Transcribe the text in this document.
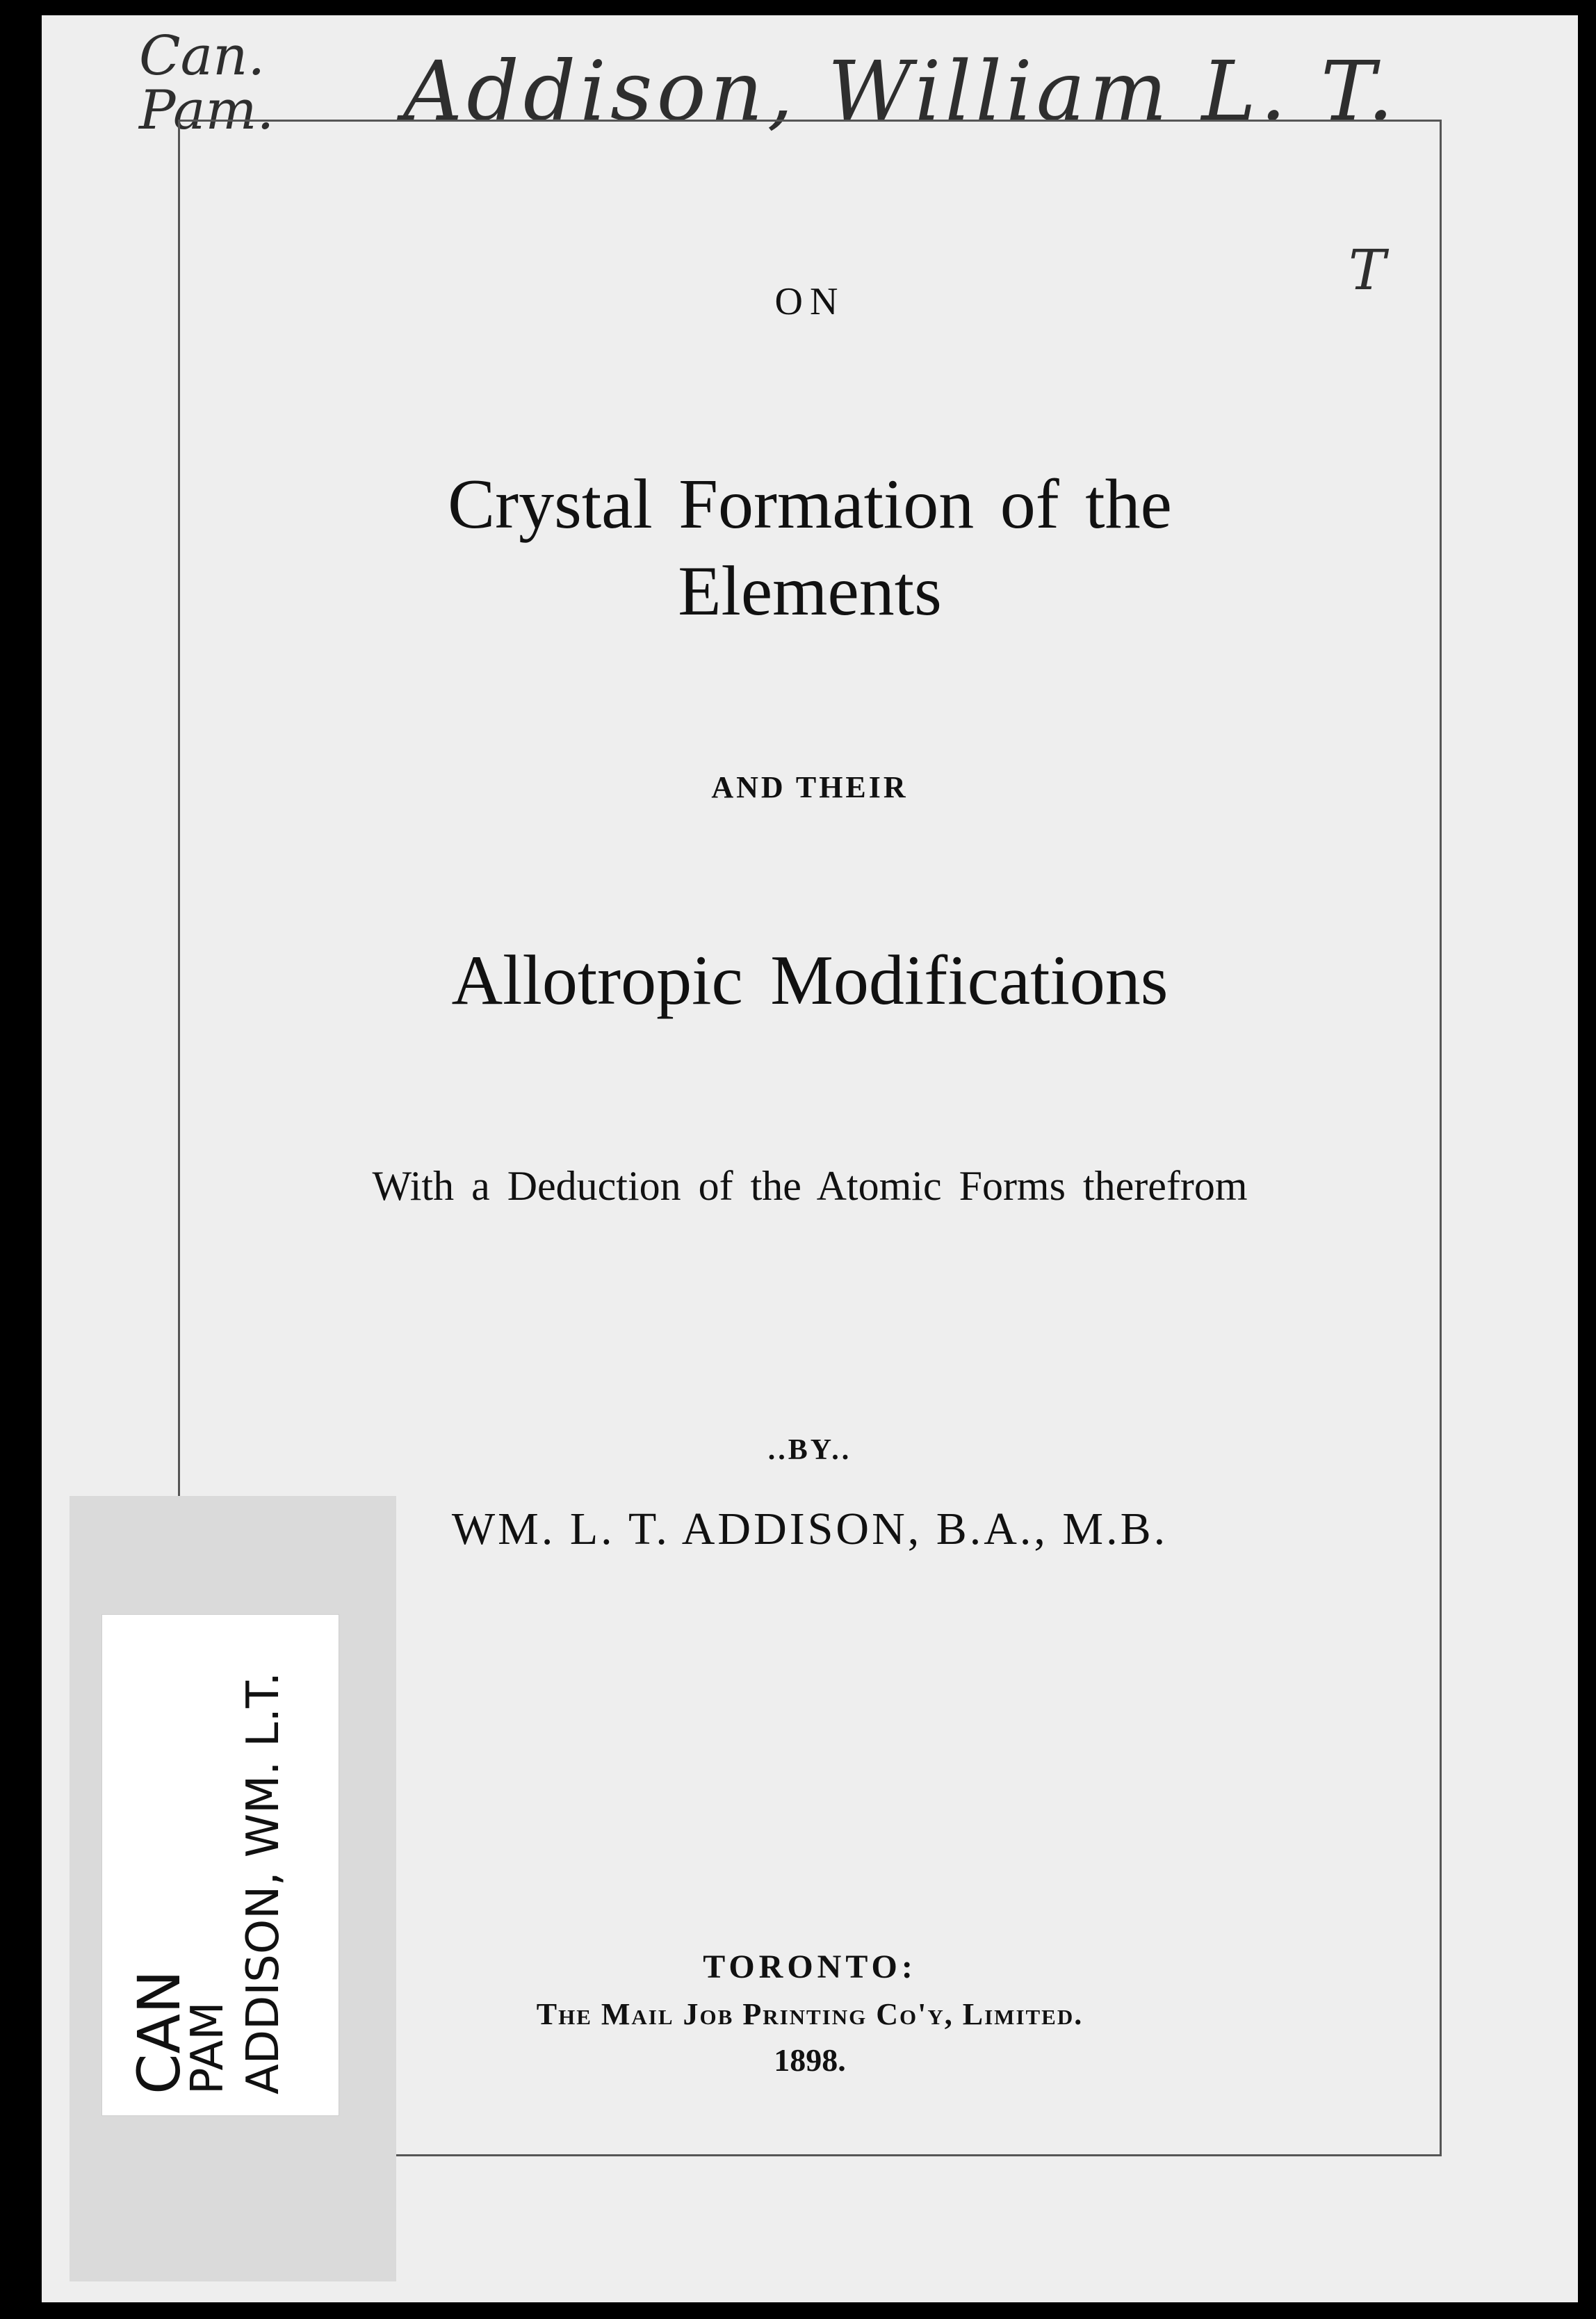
Can.
Pam. Addison, William L. T.
T
ON
Crystal Formation of the
Elements
AND THEIR
Allotropic Modifications
With a Deduction of the Atomic Forms therefrom
..BY..
WM. L. T. ADDISON, B.A., M.B.
TORONTO:
The Mail Job Printing Co'y, Limited.
1898.
CAN
PAM ADDISON, WM. L.T.
